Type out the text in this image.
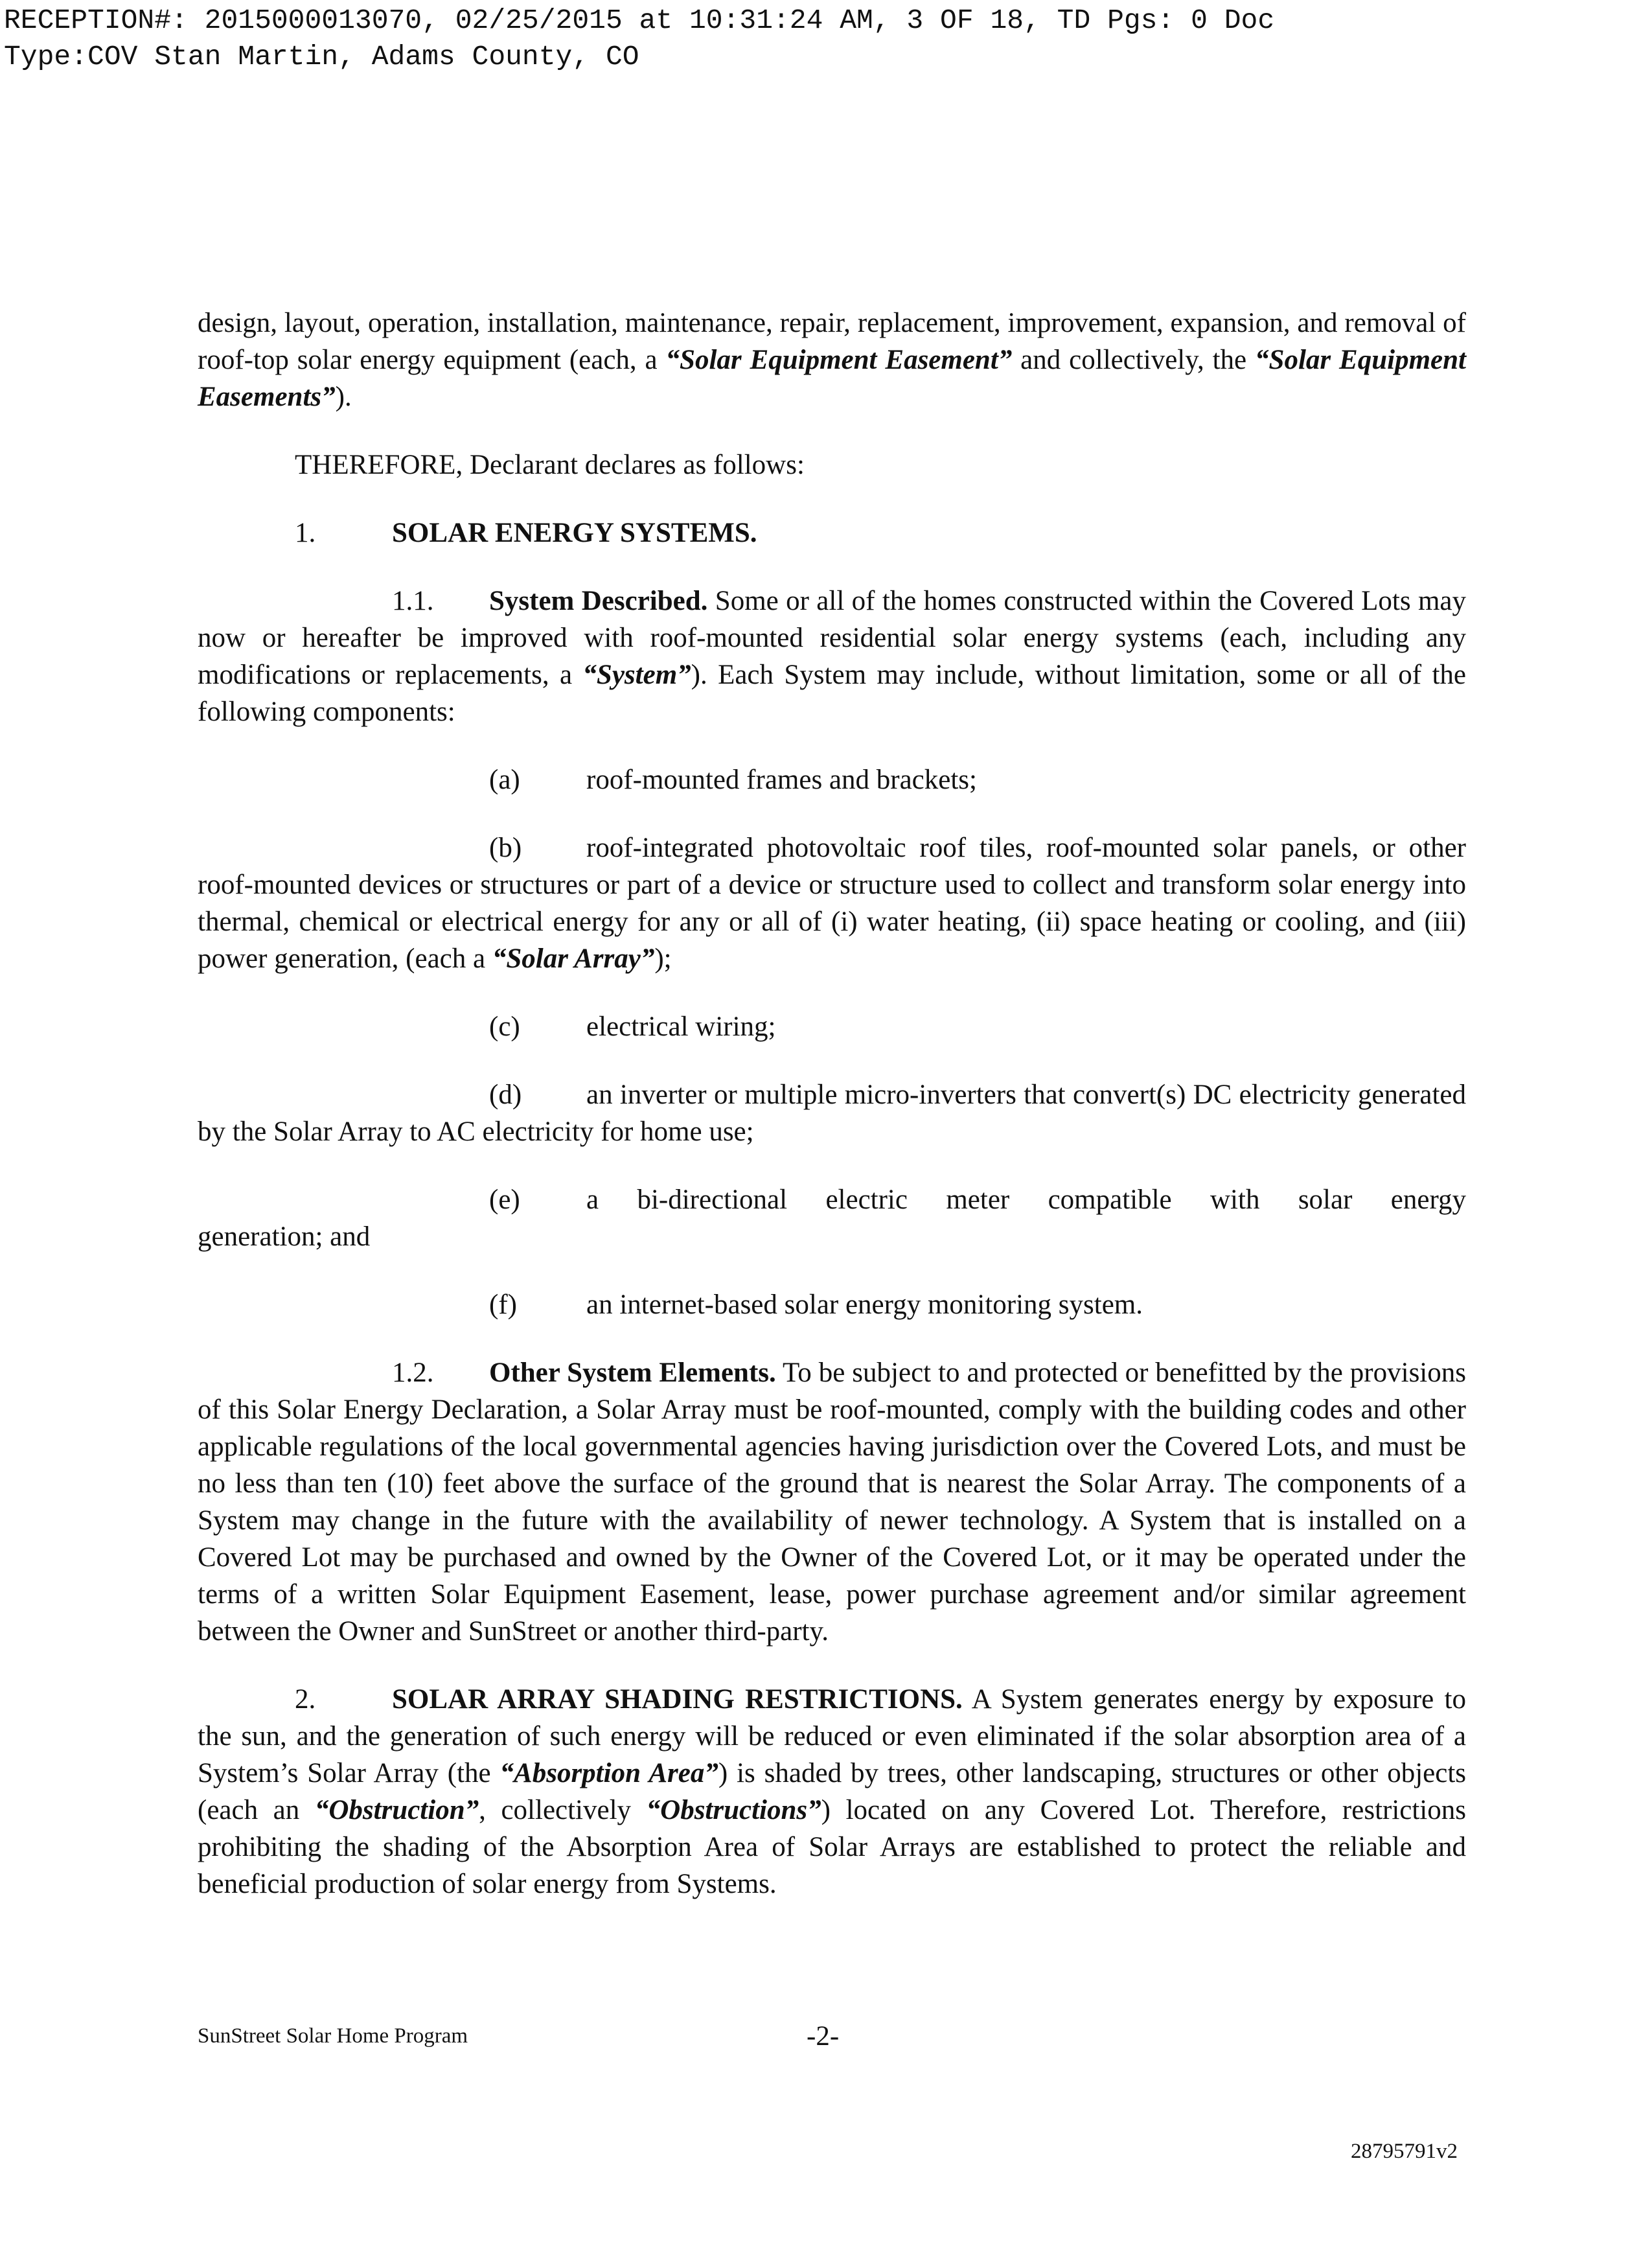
RECEPTION#: 2015000013070, 02/25/2015 at 10:31:24 AM, 3 OF 18, TD Pgs: 0 Doc
Type:COV Stan Martin, Adams County, CO

design, layout, operation, installation, maintenance, repair, replacement, improvement, expansion, and removal of roof-top solar energy equipment (each, a “Solar Equipment Easement” and collectively, the “Solar Equipment Easements”).

THEREFORE, Declarant declares as follows:

1.	SOLAR ENERGY SYSTEMS.

1.1. System Described. Some or all of the homes constructed within the Covered Lots may now or hereafter be improved with roof-mounted residential solar energy systems (each, including any modifications or replacements, a “System”). Each System may include, without limitation, some or all of the following components:

(a) roof-mounted frames and brackets;

(b) roof-integrated photovoltaic roof tiles, roof-mounted solar panels, or other roof-mounted devices or structures or part of a device or structure used to collect and transform solar energy into thermal, chemical or electrical energy for any or all of (i) water heating, (ii) space heating or cooling, and (iii) power generation, (each a “Solar Array”);

(c) electrical wiring;

(d) an inverter or multiple micro-inverters that convert(s) DC electricity generated by the Solar Array to AC electricity for home use;

(e) a bi-directional electric meter compatible with solar energy
generation; and

(f) an internet-based solar energy monitoring system.

1.2. Other System Elements. To be subject to and protected or benefitted by the provisions of this Solar Energy Declaration, a Solar Array must be roof-mounted, comply with the building codes and other applicable regulations of the local governmental agencies having jurisdiction over the Covered Lots, and must be no less than ten (10) feet above the surface of the ground that is nearest the Solar Array. The components of a System may change in the future with the availability of newer technology. A System that is installed on a Covered Lot may be purchased and owned by the Owner of the Covered Lot, or it may be operated under the terms of a written Solar Equipment Easement, lease, power purchase agreement and/or similar agreement between the Owner and SunStreet or another third-party.

2.	SOLAR ARRAY SHADING RESTRICTIONS. A System generates energy by exposure to the sun, and the generation of such energy will be reduced or even eliminated if the solar absorption area of a System’s Solar Array (the “Absorption Area”) is shaded by trees, other landscaping, structures or other objects (each an “Obstruction”, collectively “Obstructions”) located on any Covered Lot. Therefore, restrictions prohibiting the shading of the Absorption Area of Solar Arrays are established to protect the reliable and beneficial production of solar energy from Systems.

SunStreet Solar Home Program	-2-
28795791v2
